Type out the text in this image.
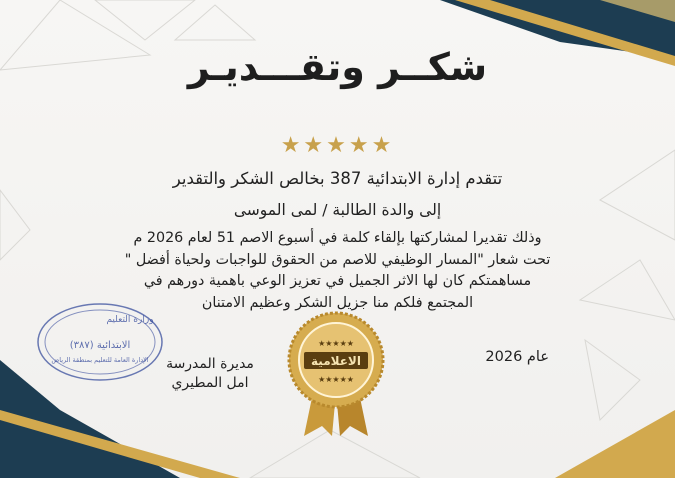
شكــر وتقـــديـر
★★★★★
تتقدم إدارة الابتدائية 387 بخالص الشكر والتقدير
إلى والدة الطالبة / لمى الموسى
وذلك تقديرا لمشاركتها بإلقاء كلمة في أسبوع الاصم 51 لعام 2026 م
تحت شعار "المسار الوظيفي للاصم من الحقوق للواجبات ولحياة أفضل "
مساهمتكم كان لها الاثر الجميل في تعزيز الوعي باهمية دورهم في
المجتمع فلكم منا جزيل الشكر وعظيم الامتنان
عام 2026
مديرة المدرسة
امل المطيري
★★★★★
الاعلامية
★★★★★
وزارة التعليم
الابتدائية (٣٨٧)
الإدارة العامة للتعليم بمنطقة الرياض
